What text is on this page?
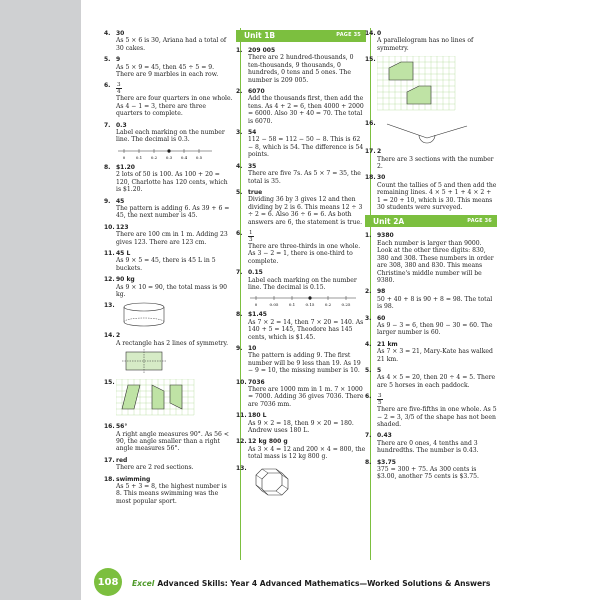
4. 30

As 5 × 6 is 30, Ariana had a total of 30 cakes.

5. 9

As 5 × 9 = 45, then 45 ÷ 5 = 9. There are 9 marbles in each row.

6. $\frac{3}{4}$

There are four quarters in one whole. As 4 − 1 = 3, there are three quarters to complete.

7. 0.3

Label each marking on the number line. The decimal is 0.3.

0	0.1 0.2 0.3 0.4 0.5
8. $1.20

2 lots of 50 is 100. As 100 + 20 = 120, Charlotte has 120 cents, which is $1.20.

9. 45

The pattern is adding 6. As 39 + 6 = 45, the next number is 45.

10. 123

There are 100 cm in 1 m. Adding 23 gives 123. There are 123 cm.

11. 45 L

As 9 × 5 = 45, there is 45 L in 5 buckets.

12. 90 kg

As 9 × 10 = 90, the total mass is 90 kg.

13.
14. 2

A rectangle has 2 lines of symmetry.

15.
16. 56°

A right angle measures 90°. As 56 < 90, the angle smaller than a right angle measures 56°.

17. red

There are 2 red sections.

18. swimming

As 5 + 3 = 8, the highest number is 8. This means swimming was the most popular sport.

Unit 1B	PAGE 35
1. 209 005

There are 2 hundred-thousands, 0 ten-thousands, 9 thousands, 0 hundreds, 0 tens and 5 ones. The number is 209 005.

2. 6070

Add the thousands first, then add the tens. As 4 + 2 = 6, then 4000 + 2000 = 6000. Also 30 + 40 = 70. The total is 6070.

3. 54

112 − 58 = 112 − 50 − 8. This is 62 − 8, which is 54. The difference is 54 points.

4. 35

There are five 7s. As 5 × 7 = 35, the total is 35.

5. true

Dividing 36 by 3 gives 12 and then dividing by 2 is 6. This means 12 ÷ 3 ÷ 2 = 6. Also 36 ÷ 6 = 6. As both answers are 6, the statement is true.

6. $\frac{1}{3}$

There are three-thirds in one whole. As 3 − 2 = 1, there is one-third to complete.

7. 0.15

Label each marking on the number line. The decimal is 0.15.

0	0.05	0.1	0.15	0.2	0.25
8. $1.45

As 7 × 2 = 14, then 7 × 20 = 140. As 140 + 5 = 145, Theodore has 145 cents, which is $1.45.

9. 10

The pattern is adding 9. The first number will be 9 less than 19. As 19 − 9 = 10, the missing number is 10.

10. 7036

There are 1000 mm in 1 m. 7 × 1000 = 7000. Adding 36 gives 7036. There are 7036 mm.

11. 180 L

As 9 × 2 = 18, then 9 × 20 = 180. Andrew uses 180 L.

12. 12 kg 800 g

As 3 × 4 = 12 and 200 × 4 = 800, the total mass is 12 kg 800 g.

13.
14. 0

A parallelogram has no lines of symmetry.

15.
16.
17. 2

There are 3 sections with the number 2.

18. 30

Count the tallies of 5 and then add the remaining lines. 4 × 5 + 1 + 4 × 2 + 1 = 20 + 10, which is 30. This means 30 students were surveyed.

Unit 2A	PAGE 36
1. 9380

Each number is larger than 9000. Look at the other three digits: 830, 380 and 308. These numbers in order are 308, 380 and 830. This means Christine's middle number will be 9380.

2. 98

50 + 40 + 8 is 90 + 8 = 98. The total is 98.

3. 60

As 9 − 3 = 6, then 90 − 30 = 60. The larger number is 60.

4. 21 km

As 7 × 3 = 21, Mary-Kate has walked 21 km.

5. 5

As 4 × 5 = 20, then 20 ÷ 4 = 5. There are 5 horses in each paddock.

6. $\frac{3}{5}$

There are five-fifths in one whole. As 5 − 2 = 3, 3/5 of the shape has not been shaded.

7. 0.43

There are 0 ones, 4 tenths and 3 hundredths. The number is 0.43.

8. $3.75

375 = 300 + 75. As 300 cents is $3.00, another 75 cents is $3.75.

108	Excel Advanced Skills: Year 4 Advanced Mathematics—Worked Solutions & Answers
